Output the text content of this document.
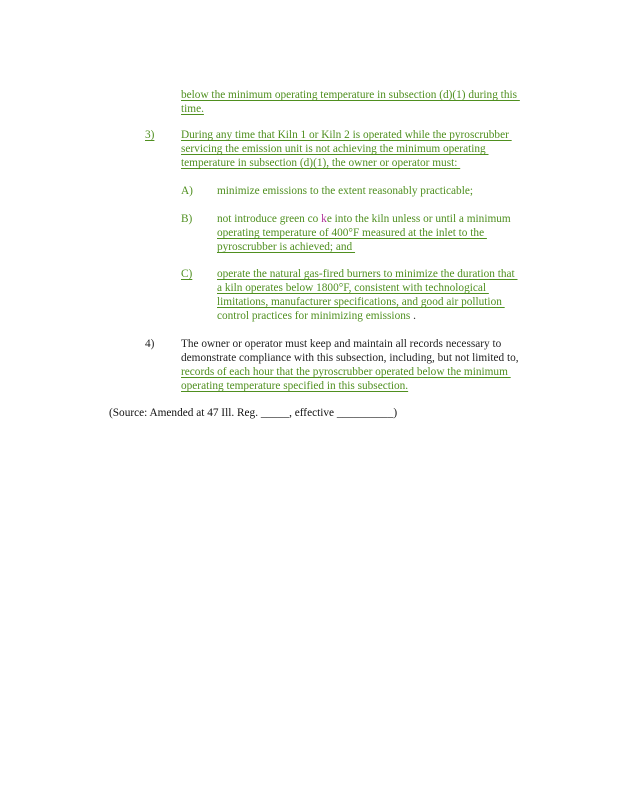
below the minimum operating temperature in subsection (d)(1) during this
time.
3) During any time that Kiln 1 or Kiln 2 is operated while the pyroscrubber
servicing the emission unit is not achieving the minimum operating
temperature in subsection (d)(1), the owner or operator must:
A) minimize emissions to the extent reasonably practicable;
B) not introduce green co ke into the kiln unless or until a minimum
operating temperature of 400°F measured at the inlet to the
pyroscrubber is achieved; and
C) operate the natural gas-fired burners to minimize the duration that
a kiln operates below 1800°F, consistent with technological
limitations, manufacturer specifications, and good air pollution
control practices for minimizing emissions .
4) The owner or operator must keep and maintain all records necessary to
demonstrate compliance with this subsection, including, but not limited to,
records of each hour that the pyroscrubber operated below the minimum
operating temperature specified in this subsection.
(Source: Amended at 47 Ill. Reg. _____, effective __________)
